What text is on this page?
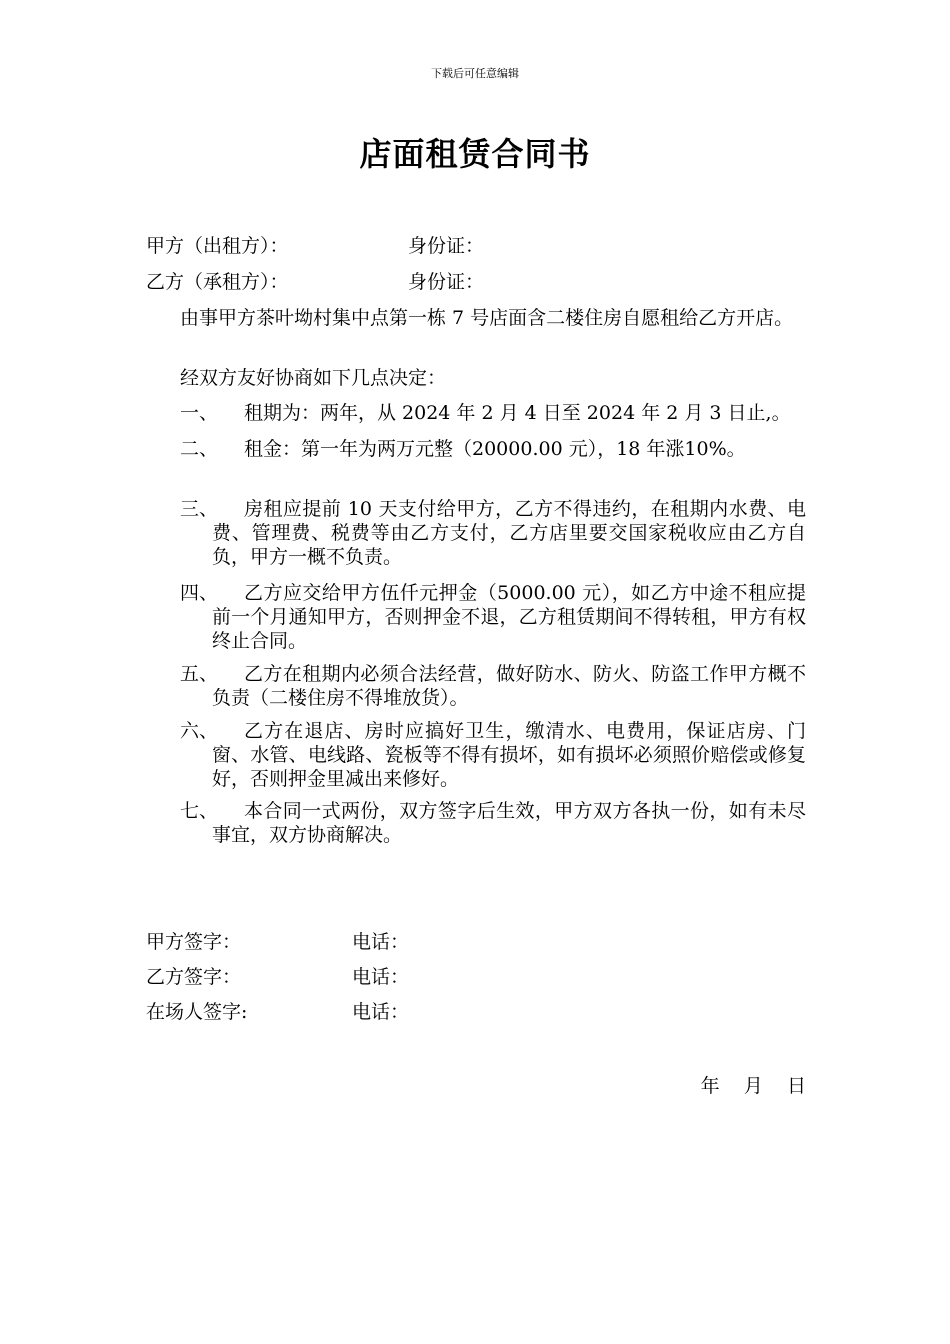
下载后可任意编辑
店面租赁合同书
甲方（出租方）：	身份证：
乙方（承租方）：	身份证：
由事甲方茶叶坳村集中点第一栋 7 号店面含二楼住房自愿租给乙方开店。
经双方友好协商如下几点决定：
一、	租期为：两年，从 2024 年 2 月 4 日至 2024 年 2 月 3 日止,。
二、	租金：第一年为两万元整（20000.00 元），18 年涨10%。
三、	房租应提前 10 天支付给甲方，乙方不得违约，在租期内水费、电费、管理费、税费等由乙方支付，乙方店里要交国家税收应由乙方自负，甲方一概不负责。
四、	乙方应交给甲方伍仟元押金（5000.00 元），如乙方中途不租应提前一个月通知甲方，否则押金不退，乙方租赁期间不得转租，甲方有权终止合同。
五、	乙方在租期内必须合法经营，做好防水、防火、防盗工作甲方概不负责（二楼住房不得堆放货）。
六、	乙方在退店、房时应搞好卫生，缴清水、电费用，保证店房、门窗、水管、电线路、瓷板等不得有损坏，如有损坏必须照价赔偿或修复好，否则押金里减出来修好。
七、	本合同一式两份，双方签字后生效，甲方双方各执一份，如有未尽事宜，双方协商解决。
甲方签字：	电话：
乙方签字：	电话：
在场人签字:	电话：
年    月    日
